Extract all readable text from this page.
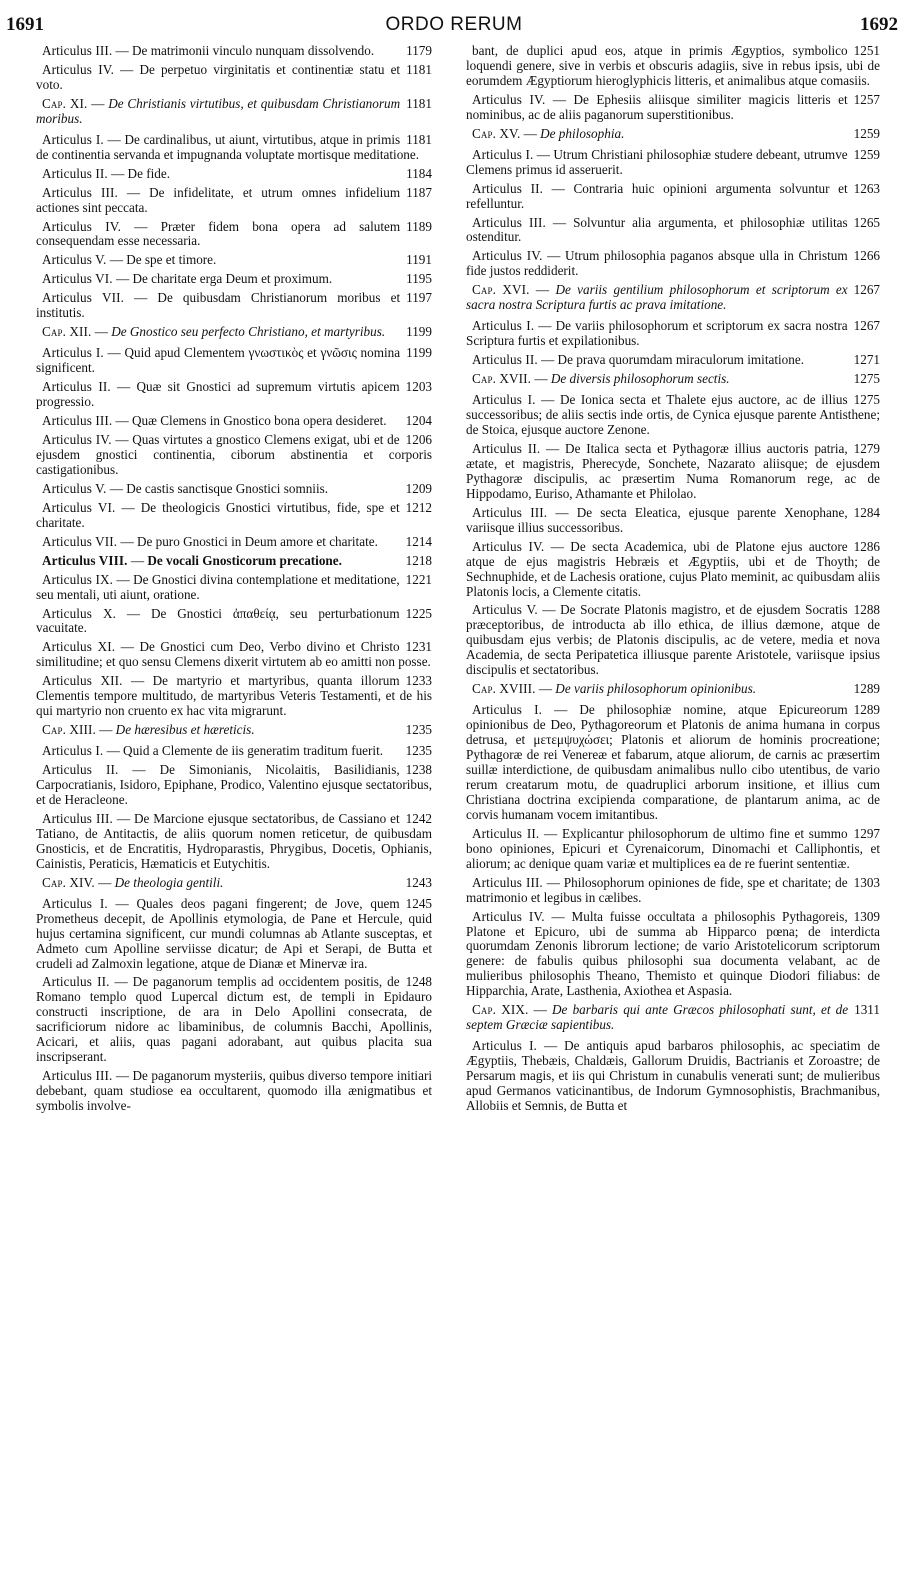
1691	ORDO RERUM	1692

1179
Articulus III. — De matrimonii vinculo nunquam dissolvendo.

1181
Articulus IV. — De perpetuo virginitatis et continentiæ statu et voto.

1181
Cap. XI. — De Christianis virtutibus, et quibusdam Christianorum moribus.

1181
Articulus I. — De cardinalibus, ut aiunt, virtutibus, atque in primis de continentia servanda et impugnanda voluptate mortisque meditatione.

1184
Articulus II. — De fide.

1187
Articulus III. — De infidelitate, et utrum omnes infidelium actiones sint peccata.

1189
Articulus IV. — Præter fidem bona opera ad salutem consequendam esse necessaria.

1191
Articulus V. — De spe et timore.

1195
Articulus VI. — De charitate erga Deum et proximum.

1197
Articulus VII. — De quibusdam Christianorum moribus et institutis.

1199
Cap. XII. — De Gnostico seu perfecto Christiano, et martyribus.

1199
Articulus I. — Quid apud Clementem γνωστικὸς et γνῶσις nomina significent.

1203
Articulus II. — Quæ sit Gnostici ad supremum virtutis apicem progressio.

1204
Articulus III. — Quæ Clemens in Gnostico bona opera desideret.

1206
Articulus IV. — Quas virtutes a gnostico Clemens exigat, ubi et de ejusdem gnostici continentia, ciborum abstinentia et corporis castigationibus.

1209
Articulus V. — De castis sanctisque Gnostici somniis.

1212
Articulus VI. — De theologicis Gnostici virtutibus, fide, spe et charitate.

1214
Articulus VII. — De puro Gnostici in Deum amore et charitate.

1218
Articulus VIII. — De vocali Gnosticorum precatione.

1221
Articulus IX. — De Gnostici divina contemplatione et meditatione, seu mentali, uti aiunt, oratione.

1225
Articulus X. — De Gnostici ἀπαθείᾳ, seu perturbationum vacuitate.

1231
Articulus XI. — De Gnostici cum Deo, Verbo divino et Christo similitudine; et quo sensu Clemens dixerit virtutem ab eo amitti non posse.

1233
Articulus XII. — De martyrio et martyribus, quanta illorum Clementis tempore multitudo, de martyribus Veteris Testamenti, et de his qui martyrio non cruento ex hac vita migrarunt.

1235
Cap. XIII. — De hæresibus et hæreticis.

1235
Articulus I. — Quid a Clemente de iis generatim traditum fuerit.

1238
Articulus II. — De Simonianis, Nicolaitis, Basilidianis, Carpocratianis, Isidoro, Epiphane, Prodico, Valentino ejusque sectatoribus, et de Heracleone.

1242
Articulus III. — De Marcione ejusque sectatoribus, de Cassiano et Tatiano, de Antitactis, de aliis quorum nomen reticetur, de quibusdam Gnosticis, et de Encratitis, Hydroparastis, Phrygibus, Docetis, Ophianis, Cainistis, Peraticis, Hæmaticis et Eutychitis.

1243
Cap. XIV. — De theologia gentili.

1245
Articulus I. — Quales deos pagani fingerent; de Jove, quem Prometheus decepit, de Apollinis etymologia, de Pane et Hercule, quid hujus certamina significent, cur mundi columnas ab Atlante susceptas, et Admeto cum Apolline serviisse dicatur; de Api et Serapi, de Butta et crudeli ad Zalmoxin legatione, atque de Dianæ et Minervæ ira.

1248
Articulus II. — De paganorum templis ad occidentem positis, de Romano templo quod Lupercal dictum est, de templi in Epidauro constructi inscriptione, de ara in Delo Apollini consecrata, de sacrificiorum nidore ac libaminibus, de columnis Bacchi, Apollinis, Acicari, et aliis, quas pagani adorabant, aut quibus placita sua inscripserant.

Articulus III. — De paganorum mysteriis, quibus diverso tempore initiari debebant, quam studiose ea occultarent, quomodo illa ænigmatibus et symbolis involve-

1251
bant, de duplici apud eos, atque in primis Ægyptios, symbolico loquendi genere, sive in verbis et obscuris adagiis, sive in rebus ipsis, ubi de eorumdem Ægyptiorum hieroglyphicis litteris, et animalibus atque comasiis.

1257
Articulus IV. — De Ephesiis aliisque similiter magicis litteris et nominibus, ac de aliis paganorum superstitionibus.

1259
Cap. XV. — De philosophia.

1259
Articulus I. — Utrum Christiani philosophiæ studere debeant, utrumve Clemens primus id asseruerit.

1263
Articulus II. — Contraria huic opinioni argumenta solvuntur et refelluntur.

1265
Articulus III. — Solvuntur alia argumenta, et philosophiæ utilitas ostenditur.

1266
Articulus IV. — Utrum philosophia paganos absque ulla in Christum fide justos reddiderit.

1267
Cap. XVI. — De variis gentilium philosophorum et scriptorum ex sacra nostra Scriptura furtis ac prava imitatione.

1267
Articulus I. — De variis philosophorum et scriptorum ex sacra nostra Scriptura furtis et expilationibus.

1271
Articulus II. — De prava quorumdam miraculorum imitatione.

1275
Cap. XVII. — De diversis philosophorum sectis.

1275
Articulus I. — De Ionica secta et Thalete ejus auctore, ac de illius successoribus; de aliis sectis inde ortis, de Cynica ejusque parente Antisthene; de Stoica, ejusque auctore Zenone.

1279
Articulus II. — De Italica secta et Pythagoræ illius auctoris patria, ætate, et magistris, Pherecyde, Sonchete, Nazarato aliisque; de ejusdem Pythagoræ discipulis, ac præsertim Numa Romanorum rege, ac de Hippodamo, Euriso, Athamante et Philolao.

1284
Articulus III. — De secta Eleatica, ejusque parente Xenophane, variisque illius successoribus.

1286
Articulus IV. — De secta Academica, ubi de Platone ejus auctore atque de ejus magistris Hebræis et Ægyptiis, ubi et de Thoyth; de Sechnuphide, et de Lachesis oratione, cujus Plato meminit, ac quibusdam aliis Platonis locis, a Clemente citatis.

1288
Articulus V. — De Socrate Platonis magistro, et de ejusdem Socratis præceptoribus, de introducta ab illo ethica, de illius dæmone, atque de quibusdam ejus verbis; de Platonis discipulis, ac de vetere, media et nova Academia, de secta Peripatetica illiusque parente Aristotele, variisque ipsius discipulis et sectatoribus.

1289
Cap. XVIII. — De variis philosophorum opinionibus.

1289
Articulus I. — De philosophiæ nomine, atque Epicureorum opinionibus de Deo, Pythagoreorum et Platonis de anima humana in corpus detrusa, et μετεμψυχώσει; Platonis et aliorum de hominis procreatione; Pythagoræ de rei Venereæ et fabarum, atque aliorum, de carnis ac præsertim suillæ interdictione, de quibusdam animalibus nullo cibo utentibus, de vario rerum creatarum motu, de quadruplici arborum insitione, et illius cum Christiana doctrina excipienda comparatione, de plantarum anima, ac de corvis humanam vocem imitantibus.

1297
Articulus II. — Explicantur philosophorum de ultimo fine et summo bono opiniones, Epicuri et Cyrenaicorum, Dinomachi et Calliphontis, et aliorum; ac denique quam variæ et multiplices ea de re fuerint sententiæ.

1303
Articulus III. — Philosophorum opiniones de fide, spe et charitate; de matrimonio et legibus in cælibes.

1309
Articulus IV. — Multa fuisse occultata a philosophis Pythagoreis, Platone et Epicuro, ubi de summa ab Hipparco pœna; de interdicta quorumdam Zenonis librorum lectione; de vario Aristotelicorum scriptorum genere: de fabulis quibus philosophi sua documenta velabant, ac de mulieribus philosophis Theano, Themisto et quinque Diodori filiabus: de Hipparchia, Arate, Lasthenia, Axiothea et Aspasia.

1311
Cap. XIX. — De barbaris qui ante Græcos philosophati sunt, et de septem Græciæ sapientibus.

Articulus I. — De antiquis apud barbaros philosophis, ac speciatim de Ægyptiis, Thebæis, Chaldæis, Gallorum Druidis, Bactrianis et Zoroastre; de Persarum magis, et iis qui Christum in cunabulis venerati sunt; de mulieribus apud Germanos vaticinantibus, de Indorum Gymnosophistis, Brachmanibus, Allobiis et Semnis, de Butta et
